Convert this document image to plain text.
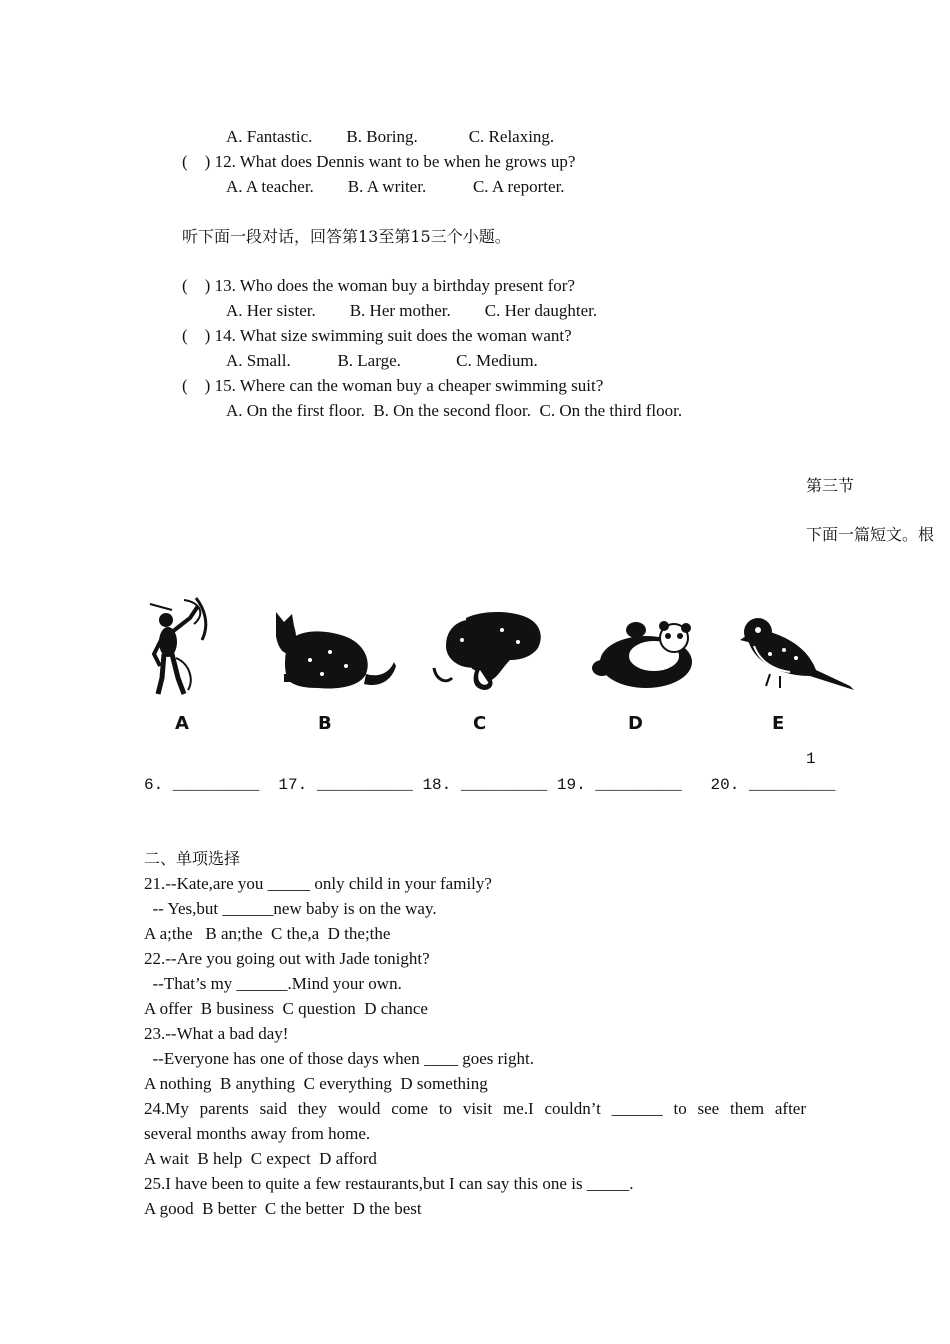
A. Fantastic.        B. Boring.            C. Relaxing.
(    ) 12. What does Dennis want to be when he grows up?
A. A teacher.        B. A writer.           C. A reporter.
听下面一段对话，回答第13至第15三个小题。
(    ) 13. Who does the woman buy a birthday present for?
A. Her sister.        B. Her mother.        C. Her daughter.
(    ) 14. What size swimming suit does the woman want?
A. Small.           B. Large.             C. Medium.
(    ) 15. Where can the woman buy a cheaper swimming suit?
A. On the first floor.  B. On the second floor.  C. On the third floor.
第三节
下面一篇短文。根
A	B	C	D	E
1
6. _________  17. __________ 18. _________ 19. _________   20. _________
二、单项选择
21.--Kate,are you _____ only child in your family?
-- Yes,but ______new baby is on the way.
A a;the   B an;the  C the,a  D the;the
22.--Are you going out with Jade tonight?
--That’s my ______.Mind your own.
A offer  B business  C question  D chance
23.--What a bad day!
--Everyone has one of those days when ____ goes right.
A nothing  B anything  C everything  D something
24.My parents said they would come to visit me.I couldn’t ______ to see them after
several months away from home.
A wait  B help  C expect  D afford
25.I have been to quite a few restaurants,but I can say this one is _____.
A good  B better  C the better  D the best
